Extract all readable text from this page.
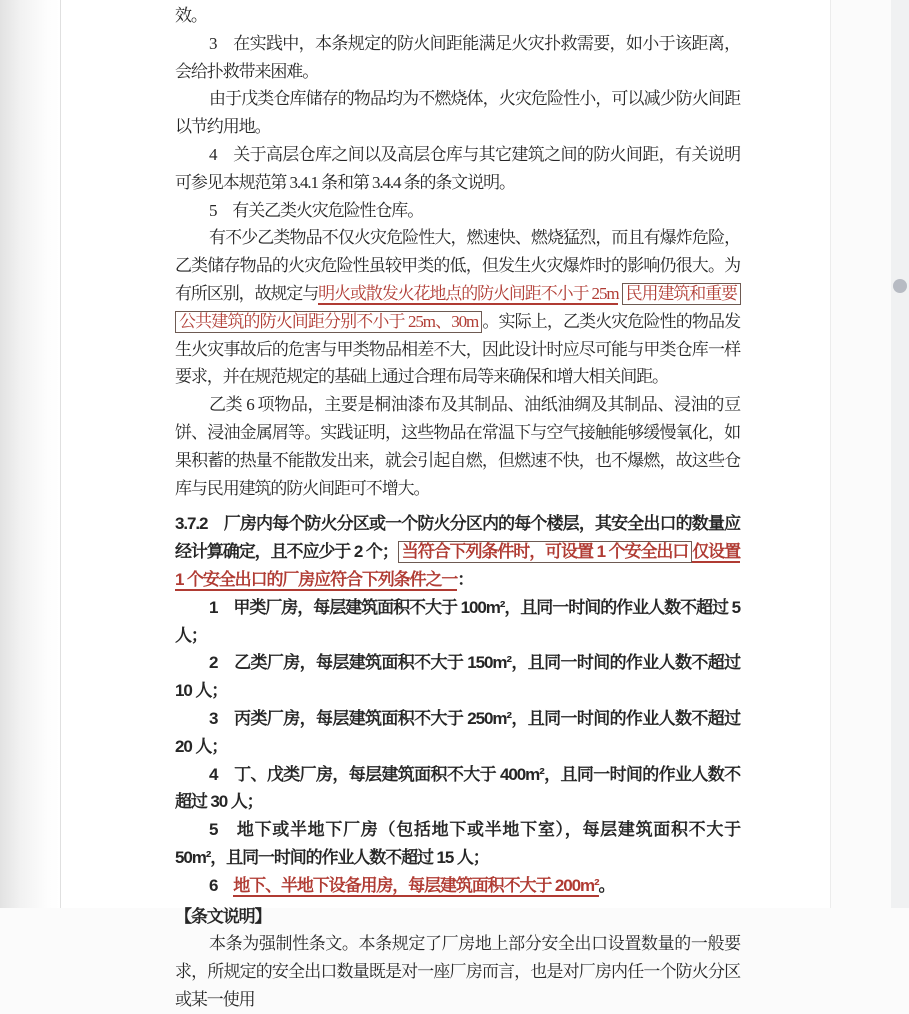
效。

3　在实践中，本条规定的防火间距能满足火灾扑救需要，如小于该距离，会给扑救带来困难。

由于戊类仓库储存的物品均为不燃烧体，火灾危险性小，可以减少防火间距以节约用地。

4　关于高层仓库之间以及高层仓库与其它建筑之间的防火间距，有关说明可参见本规范第 3.4.1 条和第 3.4.4 条的条文说明。

5　有关乙类火灾危险性仓库。

有不少乙类物品不仅火灾危险性大，燃速快、燃烧猛烈，而且有爆炸危险，乙类储存物品的火灾危险性虽较甲类的低，但发生火灾爆炸时的影响仍很大。为有所区别，故规定与明火或散发火花地点的防火间距不小于 25m 民用建筑和重要公共建筑的防火间距分别不小于 25m、30m 。实际上，乙类火灾危险性的物品发生火灾事故后的危害与甲类物品相差不大，因此设计时应尽可能与甲类仓库一样要求，并在规范规定的基础上通过合理布局等来确保和增大相关间距。

乙类 6 项物品，主要是桐油漆布及其制品、油纸油绸及其制品、浸油的豆饼、浸油金属屑等。实践证明，这些物品在常温下与空气接触能够缓慢氧化，如果积蓄的热量不能散发出来，就会引起自燃，但燃速不快，也不爆燃，故这些仓库与民用建筑的防火间距可不增大。

3.7.2　厂房内每个防火分区或一个防火分区内的每个楼层，其安全出口的数量应经计算确定，且不应少于 2 个； 当符合下列条件时，可设置 1 个安全出口 仅设置 1 个安全出口的厂房应符合下列条件之一：

1　甲类厂房，每层建筑面积不大于 100m²，且同一时间的作业人数不超过 5 人；

2　乙类厂房，每层建筑面积不大于 150m²，且同一时间的作业人数不超过 10 人；

3　丙类厂房，每层建筑面积不大于 250m²，且同一时间的作业人数不超过 20 人；

4　丁、戊类厂房，每层建筑面积不大于 400m²，且同一时间的作业人数不超过 30 人；

5　地下或半地下厂房（包括地下或半地下室），每层建筑面积不大于 50m²，且同一时间的作业人数不超过 15 人；

6　地下、半地下设备用房，每层建筑面积不大于 200m²。

【条文说明】

本条为强制性条文。本条规定了厂房地上部分安全出口设置数量的一般要求，所规定的安全出口数量既是对一座厂房而言，也是对厂房内任一个防火分区或某一使用
